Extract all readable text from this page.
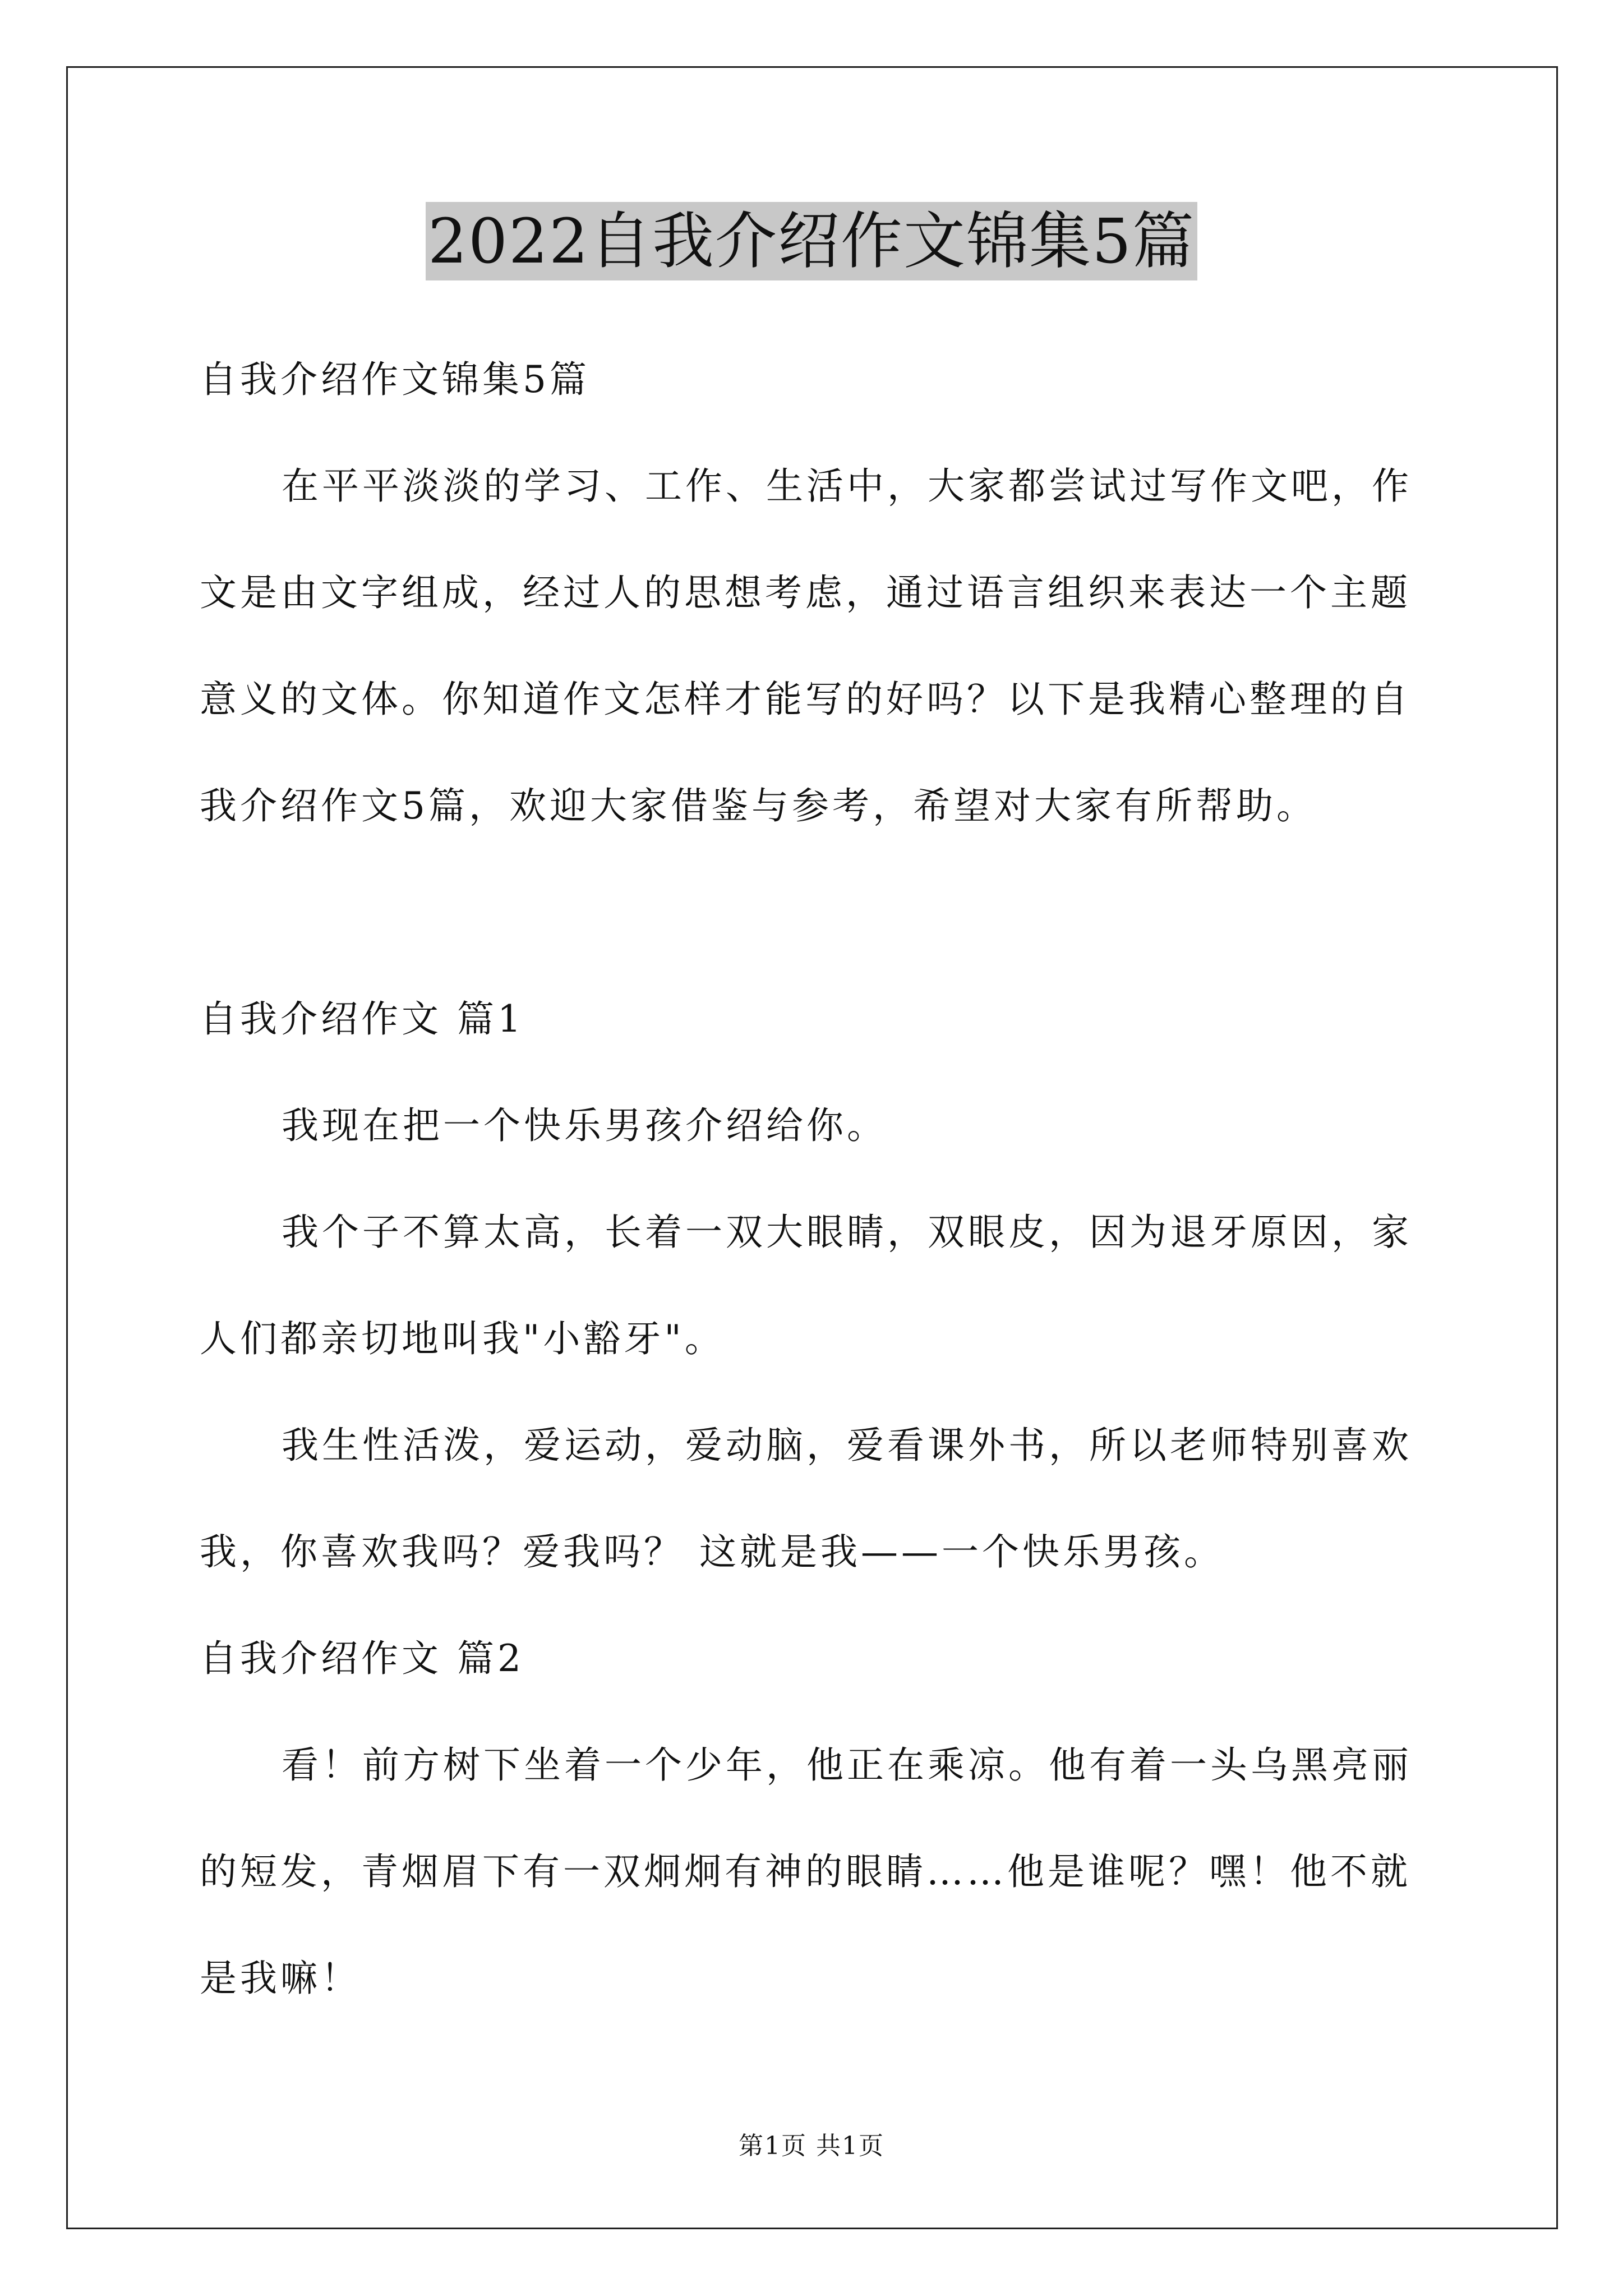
2022自我介绍作文锦集5篇
自我介绍作文锦集5篇
在平平淡淡的学习、工作、生活中，大家都尝试过写作文吧，作
文是由文字组成，经过人的思想考虑，通过语言组织来表达一个主题
意义的文体。你知道作文怎样才能写的好吗？以下是我精心整理的自
我介绍作文5篇，欢迎大家借鉴与参考，希望对大家有所帮助。
自我介绍作文 篇1
我现在把一个快乐男孩介绍给你。
我个子不算太高，长着一双大眼睛，双眼皮，因为退牙原因，家
人们都亲切地叫我"小豁牙"。
我生性活泼，爱运动，爱动脑，爱看课外书，所以老师特别喜欢
我，你喜欢我吗？爱我吗？ 这就是我——一个快乐男孩。
自我介绍作文 篇2
看！前方树下坐着一个少年，他正在乘凉。他有着一头乌黑亮丽
的短发，青烟眉下有一双炯炯有神的眼睛……他是谁呢？嘿！他不就
是我嘛！
第1页 共1页
